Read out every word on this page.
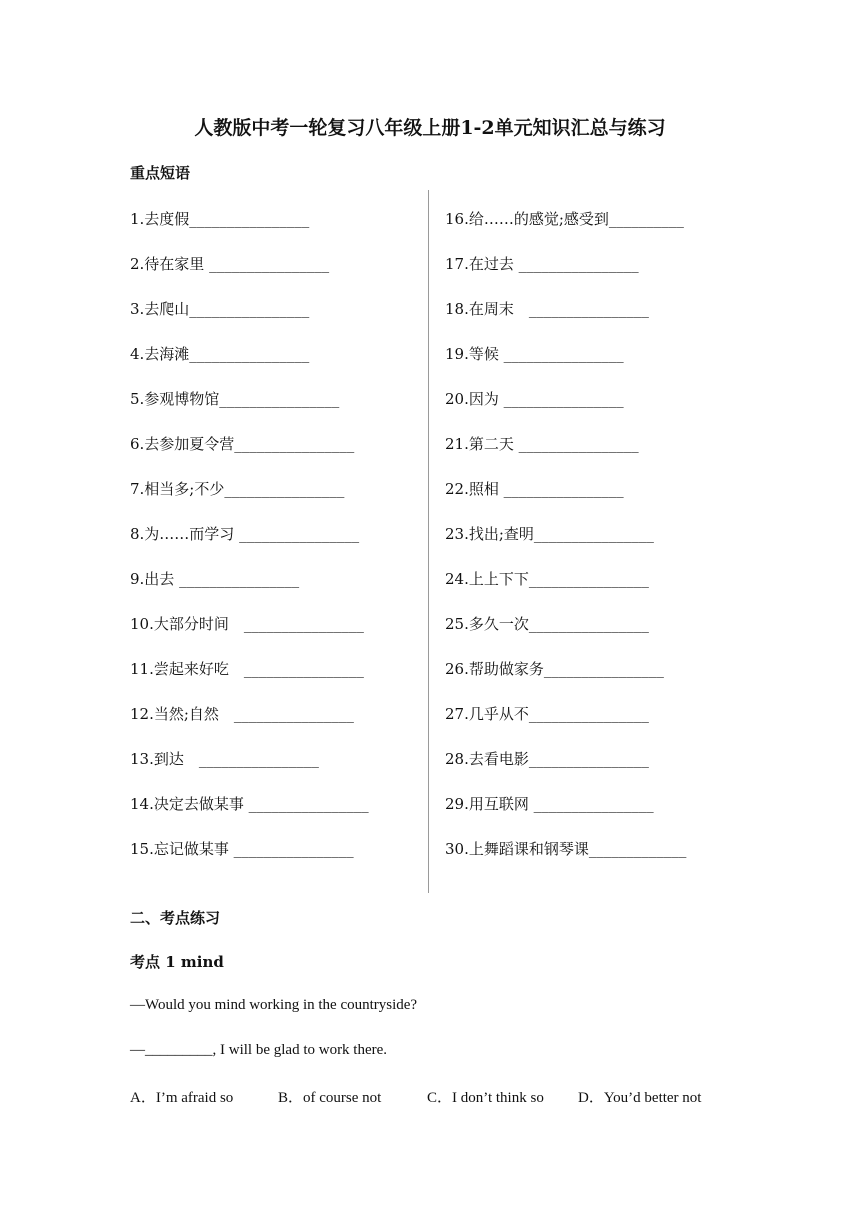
人教版中考一轮复习八年级上册1-2单元知识汇总与练习
重点短语
1.去度假________________
2.待在家里 ________________
3.去爬山________________
4.去海滩________________
5.参观博物馆________________
6.去参加夏令营________________
7.相当多;不少________________
8.为……而学习 ________________
9.出去 ________________
10.大部分时间　________________
11.尝起来好吃　________________
12.当然;自然　________________
13.到达　________________
14.决定去做某事 ________________
15.忘记做某事 ________________
16.给……的感觉;感受到__________
17.在过去 ________________
18.在周末　________________
19.等候 ________________
20.因为 ________________
21.第二天 ________________
22.照相 ________________
23.找出;查明________________
24.上上下下________________
25.多久一次________________
26.帮助做家务________________
27.几乎从不________________
28.去看电影________________
29.用互联网 ________________
30.上舞蹈课和钢琴课_____________
二、考点练习
考点 1 mind
—Would you mind working in the countryside?
—_________, I will be glad to work there.
A．I’m afraid so	B．of course not	C．I don’t think so D．You’d better not
